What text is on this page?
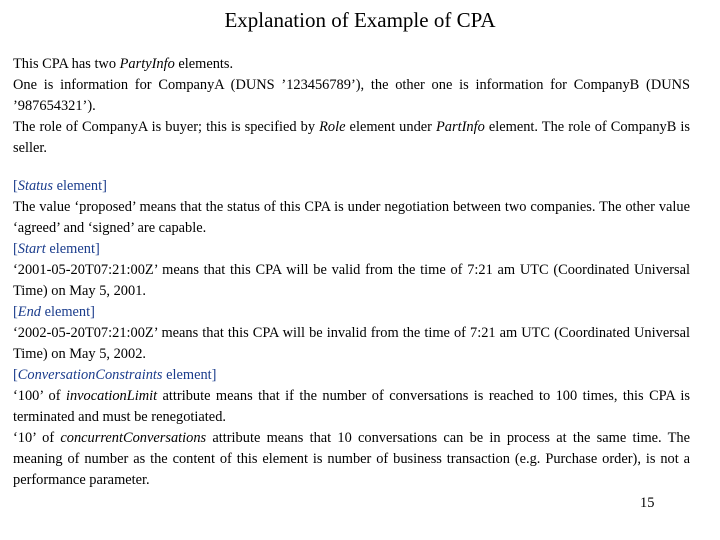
Explanation of Example of CPA

This CPA has two PartyInfo elements.

One is information for CompanyA (DUNS ’123456789’), the other one is information for CompanyB (DUNS ’987654321’).

The role of CompanyA is buyer; this is specified by Role element under PartInfo element. The role of CompanyB is seller.

[Status element]

The value ‘proposed’ means that the status of this CPA is under negotiation between two companies. The other value ‘agreed’ and ‘signed’ are capable.

[Start element]

‘2001-05-20T07:21:00Z’ means that this CPA will be valid from the time of 7:21 am UTC (Coordinated Universal Time) on May 5, 2001.

[End element]

‘2002-05-20T07:21:00Z’ means that this CPA will be invalid from the time of 7:21 am UTC (Coordinated Universal Time) on May 5, 2002.

[ConversationConstraints element]

‘100’ of invocationLimit attribute means that if the number of conversations is reached to 100 times, this CPA is terminated and must be renegotiated.

‘10’ of concurrentConversations attribute means that 10 conversations can be in process at the same time. The meaning of number as the content of this element is number of business transaction (e.g. Purchase order), is not a performance parameter.

15
